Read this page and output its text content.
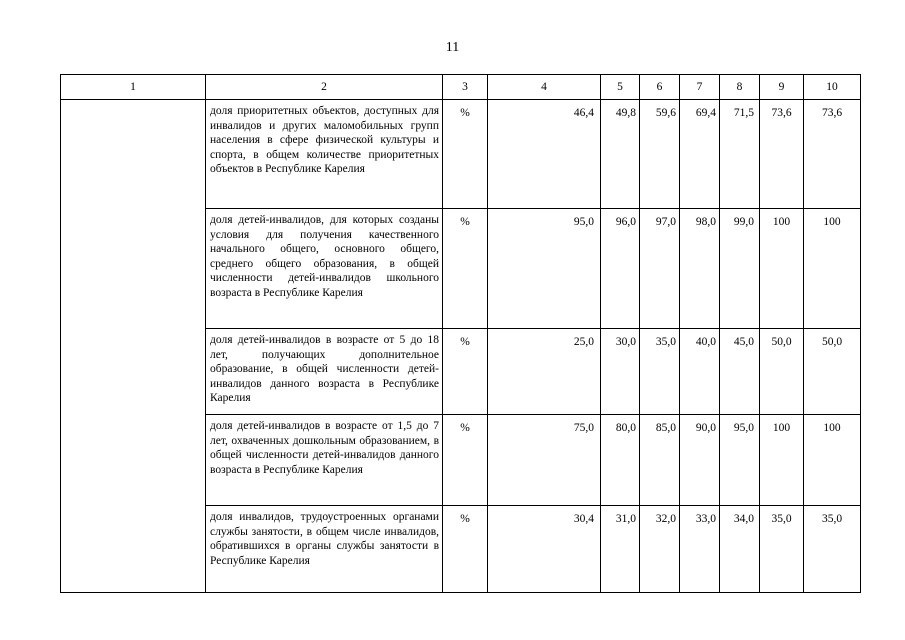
11
1	2	3	4	5	6	7	8	9	10
	доля приоритетных объектов, доступных для инвалидов и других маломобильных групп населения в сфере физической культуры и спорта, в общем количестве приоритетных объектов в Республике Карелия	%	46,4	49,8	59,6	69,4	71,5	73,6	73,6
	доля детей-инвалидов, для которых созданы условия для получения качественного начального общего, основного общего, среднего общего образования, в общей численности детей-инвалидов школьного возраста в Республике Карелия	%	95,0	96,0	97,0	98,0	99,0	100	100
	доля детей-инвалидов в возрасте от 5 до 18 лет, получающих дополнительное образование, в общей численности детей-инвалидов данного возраста в Республике Карелия	%	25,0	30,0	35,0	40,0	45,0	50,0	50,0
	доля детей-инвалидов в возрасте от 1,5 до 7 лет, охваченных дошкольным образованием, в общей численности детей-инвалидов данного возраста в Республике Карелия	%	75,0	80,0	85,0	90,0	95,0	100	100
	доля инвалидов, трудоустроенных органами службы занятости, в общем числе инвалидов, обратившихся в органы службы занятости в Республике Карелия	%	30,4	31,0	32,0	33,0	34,0	35,0	35,0
